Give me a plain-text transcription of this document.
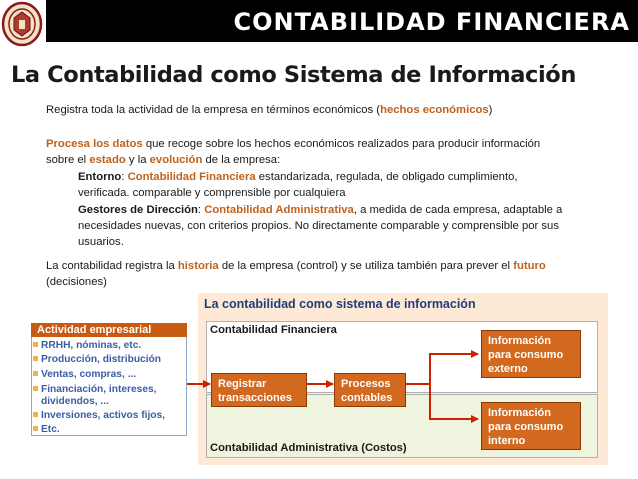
CONTABILIDAD FINANCIERA
La Contabilidad como Sistema de Información
Registra toda la actividad de la empresa en términos económicos (hechos económicos)
Procesa los datos que recoge sobre los hechos económicos realizados para producir información
sobre el estado y la evolución de la empresa:
Entorno: Contabilidad Financiera estandarizada, regulada, de obligado cumplimiento,
verificada. comparable y comprensible por cualquiera
Gestores de Dirección: Contabilidad Administrativa, a medida de cada empresa, adaptable a
necesidades nuevas, con criterios propios. No directamente comparable y comprensible por sus
usuarios.
La contabilidad registra la historia de la empresa (control) y se utiliza también para prever el futuro
(decisiones)
La contabilidad como sistema de información
Contabilidad Financiera
Contabilidad Administrativa (Costos)
Registrar
transacciones
Procesos
contables
Información
para consumo
externo
Información
para consumo
interno
Actividad empresarial
RRHH, nóminas, etc.
Producción, distribución
Ventas, compras, ...
Financiación, intereses,
dividendos, ...
Inversiones, activos fijos,
Etc.
